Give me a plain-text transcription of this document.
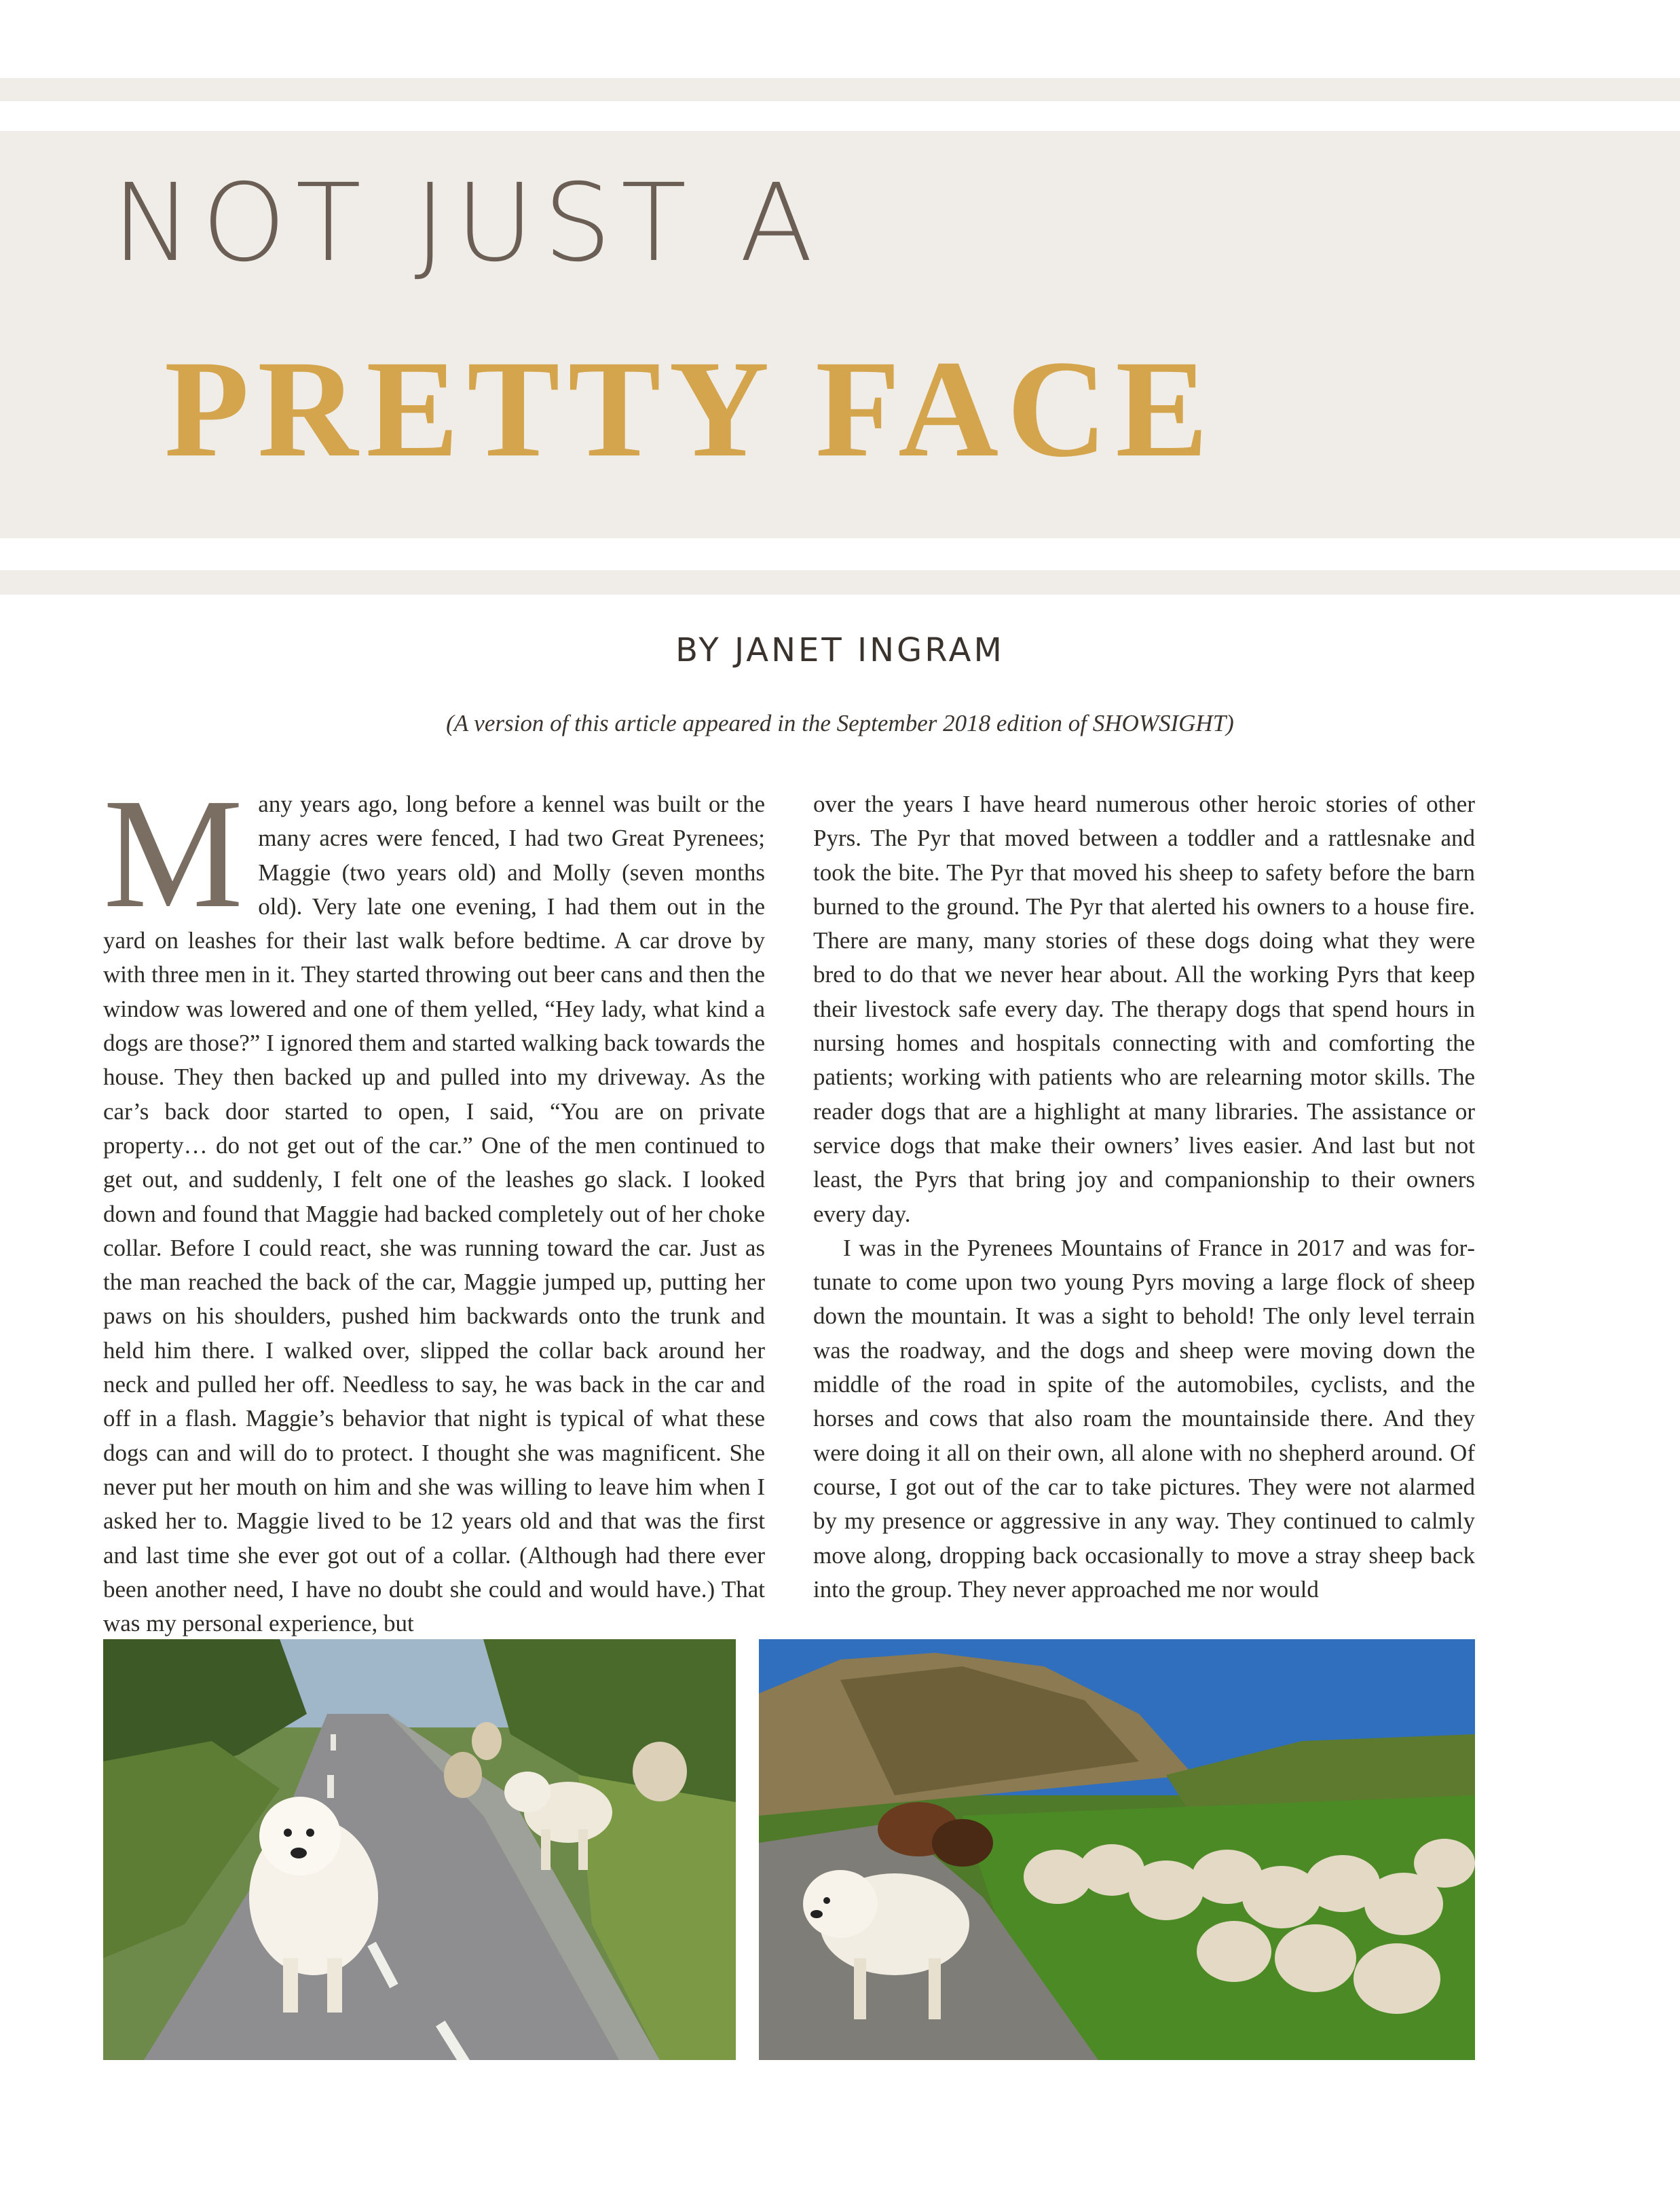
NOT JUST A
PRETTY FACE
BY JANET INGRAM
(A version of this article appeared in the September 2018 edition of SHOWSIGHT)
M any years ago, long before a kennel was built or the many acres were fenced, I had two Great Pyrenees; Maggie (two years old) and Molly (seven months old). Very late one evening, I had them out in the yard on leashes for their last walk before bedtime. A car drove by with three men in it. They started throwing out beer cans and then the window was lowered and one of them yelled, “Hey lady, what kind a dogs are those?” I ignored them and started walking back towards the house. They then backed up and pulled into my driveway. As the car’s back door started to open, I said, “You are on private property… do not get out of the car.” One of the men continued to get out, and suddenly, I felt one of the leashes go slack. I looked down and found that Maggie had backed completely out of her choke collar. Before I could react, she was running toward the car. Just as the man reached the back of the car, Maggie jumped up, putting her paws on his shoulders, pushed him backwards onto the trunk and held him there. I walked over, slipped the collar back around her neck and pulled her off. Needless to say, he was back in the car and off in a flash. Maggie’s behavior that night is typical of what these dogs can and will do to protect. I thought she was magnificent. She never put her mouth on him and she was willing to leave him when I asked her to. Maggie lived to be 12 years old and that was the first and last time she ever got out of a collar. (Although had there ever been another need, I have no doubt she could and would have.) That was my personal experience, but

over the years I have heard numerous other heroic stories of other Pyrs. The Pyr that moved between a toddler and a rattlesnake and took the bite. The Pyr that moved his sheep to safety before the barn burned to the ground. The Pyr that alerted his owners to a house fire. There are many, many stories of these dogs doing what they were bred to do that we never hear about. All the working Pyrs that keep their livestock safe every day. The therapy dogs that spend hours in nursing homes and hospitals connecting with and comforting the patients; working with patients who are relearning motor skills. The reader dogs that are a highlight at many libraries. The assistance or service dogs that make their owners’ lives easier. And last but not least, the Pyrs that bring joy and companionship to their owners every day.

I was in the Pyrenees Mountains of France in 2017 and was fortunate to come upon two young Pyrs moving a large flock of sheep down the mountain. It was a sight to behold! The only level terrain was the roadway, and the dogs and sheep were moving down the middle of the road in spite of the automobiles, cyclists, and the horses and cows that also roam the mountainside there. And they were doing it all on their own, all alone with no shepherd around. Of course, I got out of the car to take pictures. They were not alarmed by my presence or aggressive in any way. They continued to calmly move along, dropping back occasionally to move a stray sheep back into the group. They never approached me nor would
